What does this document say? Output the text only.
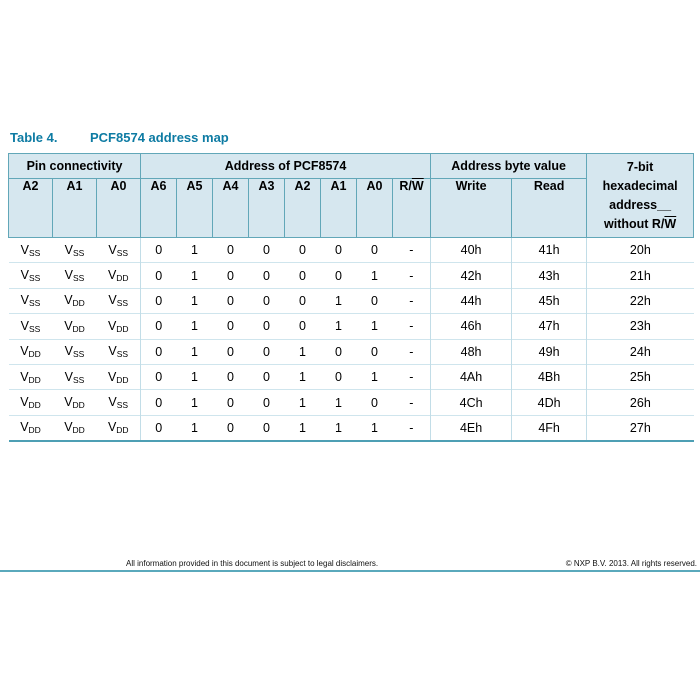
Table 4.	PCF8574 address map
Pin connectivity			Address of PCF8574								Address byte value		7-bit
hexadecimal
address__
without $R/\overline{W}$
A2	A1	A0	A6	A5	A4	A3	A2	A1	A0	$R/\overline{W}$	Write	Read	
$V_{SS}$	$V_{SS}$	$V_{SS}$	0	1	0	0	0	0	0	-	40h	41h	20h
$V_{SS}$	$V_{SS}$	$V_{DD}$	0	1	0	0	0	0	1	-	42h	43h	21h
$V_{SS}$	$V_{DD}$	$V_{SS}$	0	1	0	0	0	1	0	-	44h	45h	22h
$V_{SS}$	$V_{DD}$	$V_{DD}$	0	1	0	0	0	1	1	-	46h	47h	23h
$V_{DD}$	$V_{SS}$	$V_{SS}$	0	1	0	0	1	0	0	-	48h	49h	24h
$V_{DD}$	$V_{SS}$	$V_{DD}$	0	1	0	0	1	0	1	-	4Ah	4Bh	25h
$V_{DD}$	$V_{DD}$	$V_{SS}$	0	1	0	0	1	1	0	-	4Ch	4Dh	26h
$V_{DD}$	$V_{DD}$	$V_{DD}$	0	1	0	0	1	1	1	-	4Eh	4Fh	27h
All information provided in this document is subject to legal disclaimers.	© NXP B.V. 2013. All rights reserved.
